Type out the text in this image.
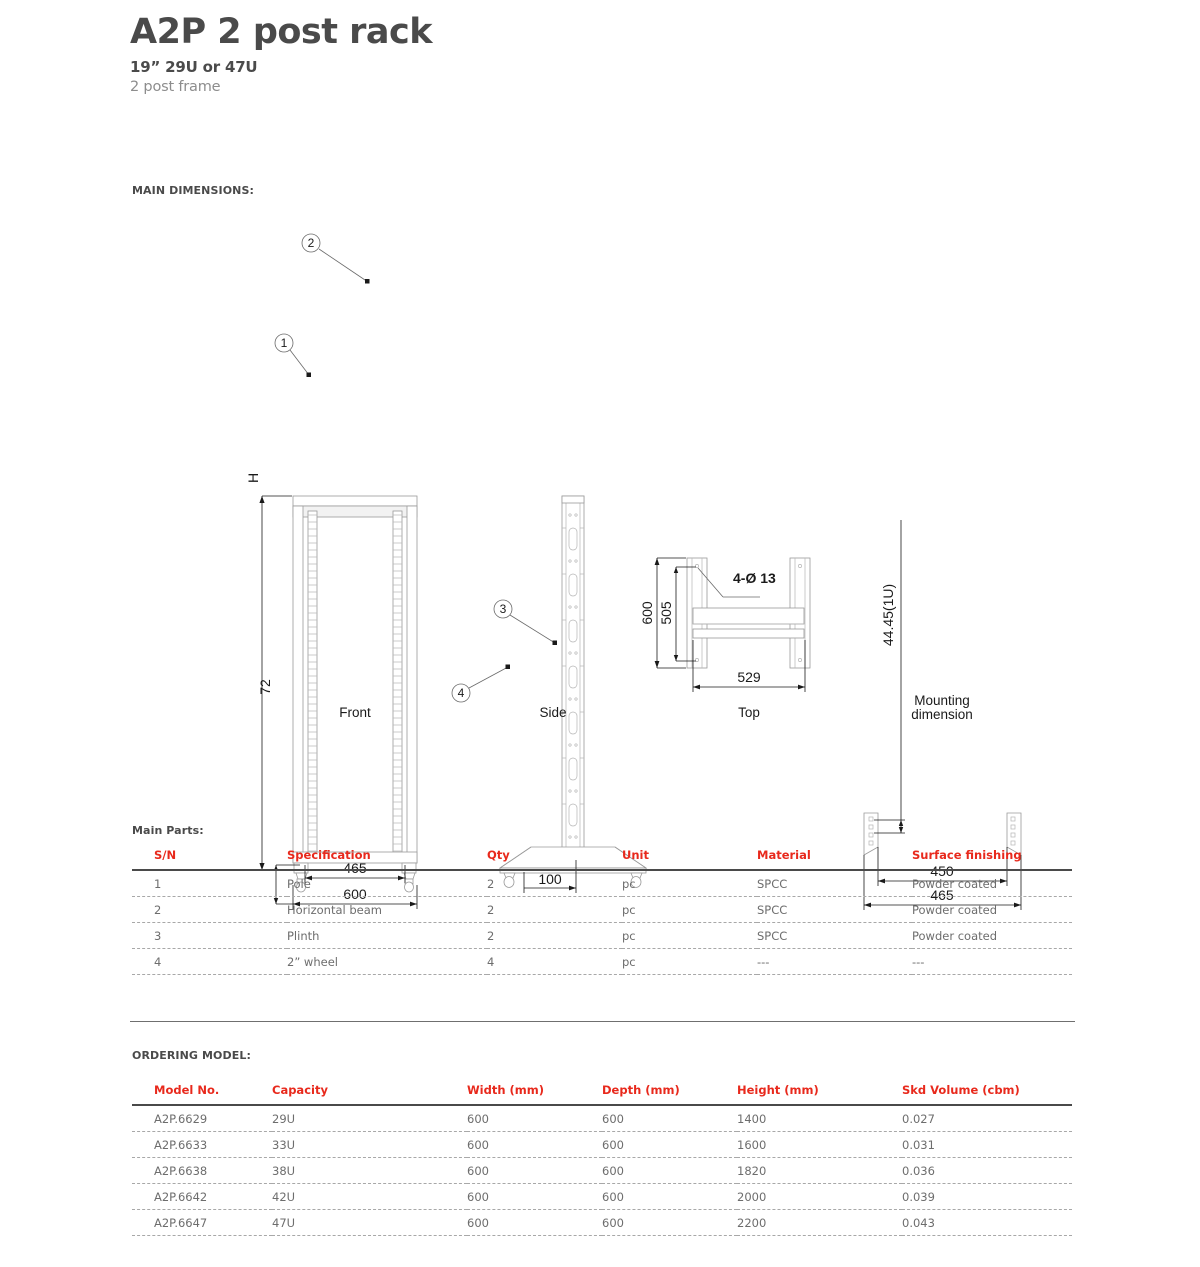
A2P 2 post rack
19” 29U or 47U
2 post frame
MAIN DIMENSIONS:
Main Parts:
ORDERING MODEL:
H
72
465
600
2
1
Front
100
3
4
Side
600 505
529
4-Ø 13
Top
44.45(1U)
450
465
Mounting
dimension
S/N	Specification	Qty	Unit	Material	Surface finishing
1	Pole	2	pc	SPCC	Powder coated
2	Horizontal beam	2	pc	SPCC	Powder coated
3	Plinth	2	pc	SPCC	Powder coated
4	2” wheel	4	pc	---	---
Model No.	Capacity	Width (mm)	Depth (mm)	Height (mm)	Skd Volume (cbm)
A2P.6629	29U	600	600	1400	0.027
A2P.6633	33U	600	600	1600	0.031
A2P.6638	38U	600	600	1820	0.036
A2P.6642	42U	600	600	2000	0.039
A2P.6647	47U	600	600	2200	0.043
